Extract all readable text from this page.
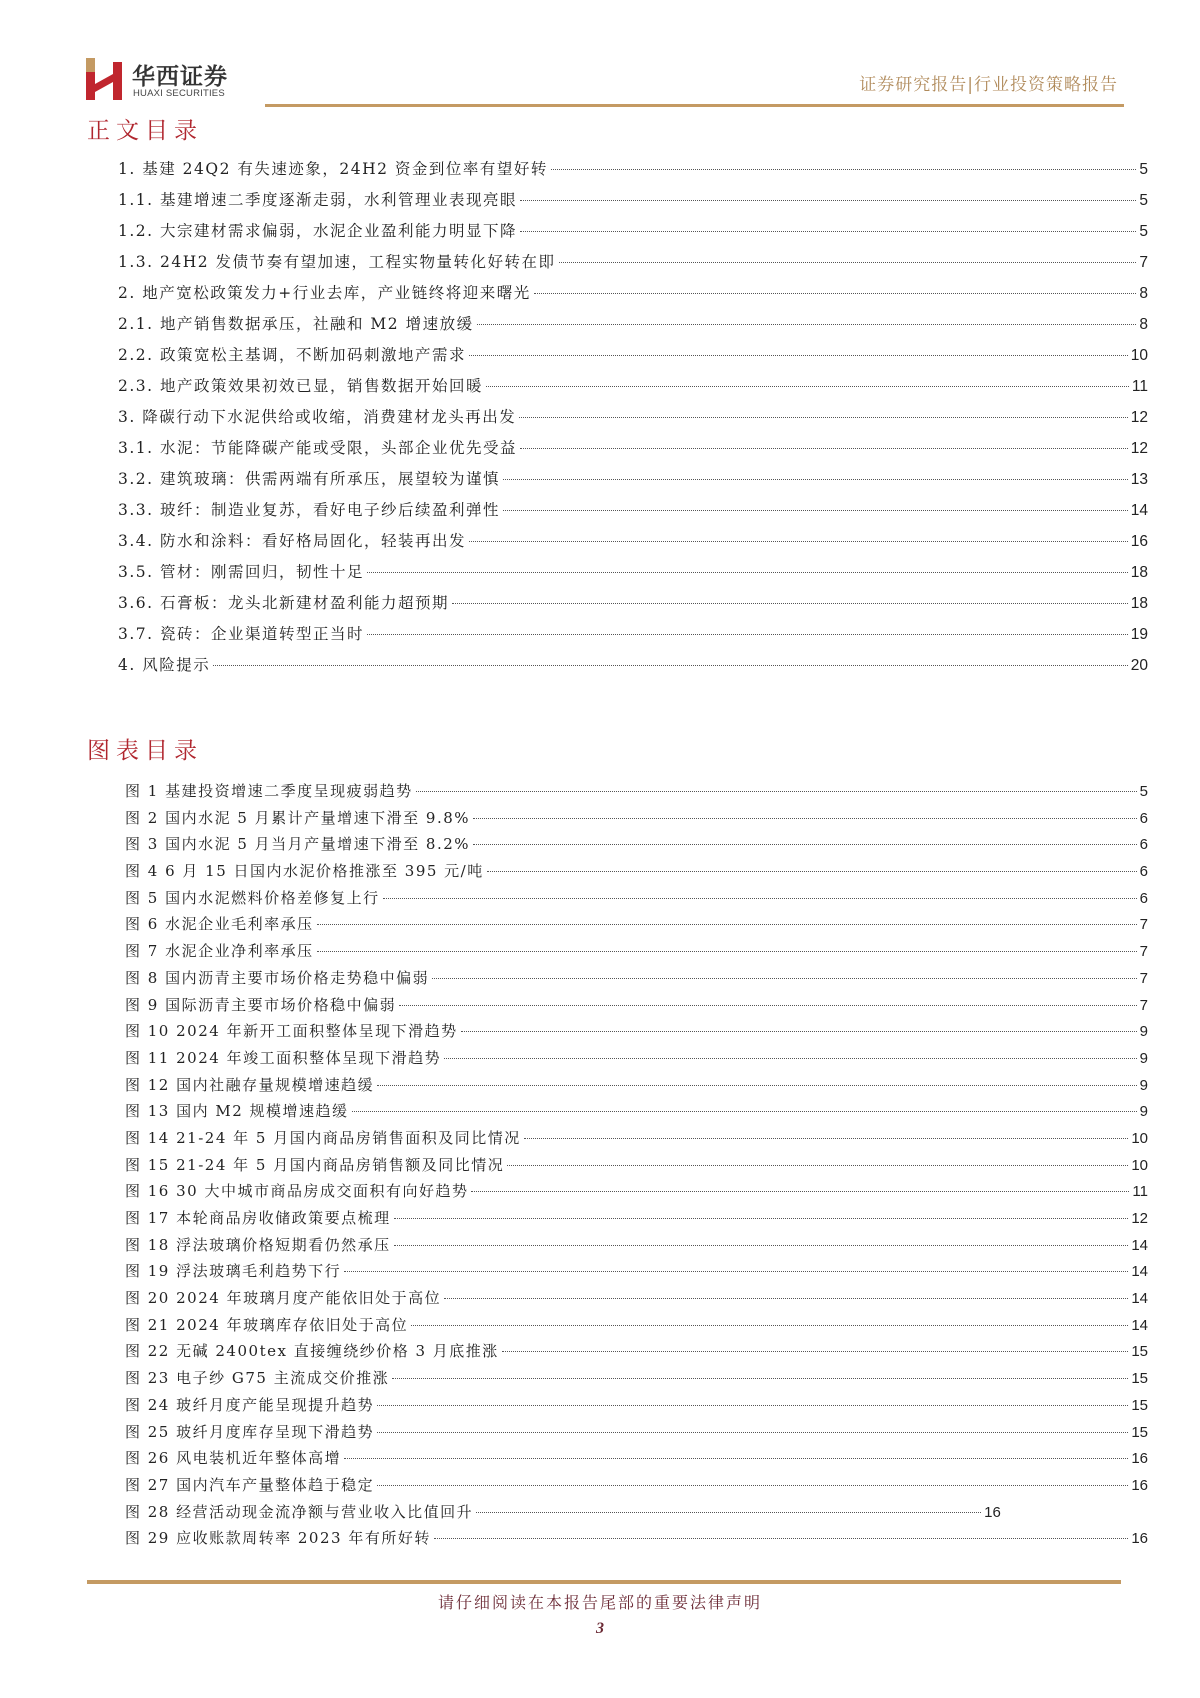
华西证券
HUAXI SECURITIES	证券研究报告|行业投资策略报告
正文目录
1. 基建 24Q2 有失速迹象，24H2 资金到位率有望好转	5
1.1. 基建增速二季度逐渐走弱，水利管理业表现亮眼	5
1.2. 大宗建材需求偏弱，水泥企业盈利能力明显下降	5
1.3. 24H2 发债节奏有望加速，工程实物量转化好转在即	7
2. 地产宽松政策发力+行业去库，产业链终将迎来曙光	8
2.1. 地产销售数据承压，社融和 M2 增速放缓	8
2.2. 政策宽松主基调，不断加码刺激地产需求	10
2.3. 地产政策效果初效已显，销售数据开始回暖	11
3. 降碳行动下水泥供给或收缩，消费建材龙头再出发	12
3.1. 水泥：节能降碳产能或受限，头部企业优先受益	12
3.2. 建筑玻璃：供需两端有所承压，展望较为谨慎	13
3.3. 玻纤：制造业复苏，看好电子纱后续盈利弹性	14
3.4. 防水和涂料：看好格局固化，轻装再出发	16
3.5. 管材：刚需回归，韧性十足	18
3.6. 石膏板：龙头北新建材盈利能力超预期	18
3.7. 瓷砖：企业渠道转型正当时	19
4. 风险提示	20
图表目录
图 1 基建投资增速二季度呈现疲弱趋势	5
图 2 国内水泥 5 月累计产量增速下滑至 9.8%	6
图 3 国内水泥 5 月当月产量增速下滑至 8.2%	6
图 4 6 月 15 日国内水泥价格推涨至 395 元/吨	6
图 5 国内水泥燃料价格差修复上行	6
图 6 水泥企业毛利率承压	7
图 7 水泥企业净利率承压	7
图 8 国内沥青主要市场价格走势稳中偏弱	7
图 9 国际沥青主要市场价格稳中偏弱	7
图 10 2024 年新开工面积整体呈现下滑趋势	9
图 11 2024 年竣工面积整体呈现下滑趋势	9
图 12 国内社融存量规模增速趋缓	9
图 13 国内 M2 规模增速趋缓	9
图 14 21-24 年 5 月国内商品房销售面积及同比情况	10
图 15 21-24 年 5 月国内商品房销售额及同比情况	10
图 16 30 大中城市商品房成交面积有向好趋势	11
图 17 本轮商品房收储政策要点梳理	12
图 18 浮法玻璃价格短期看仍然承压	14
图 19 浮法玻璃毛利趋势下行	14
图 20 2024 年玻璃月度产能依旧处于高位	14
图 21 2024 年玻璃库存依旧处于高位	14
图 22 无碱 2400tex 直接缠绕纱价格 3 月底推涨	15
图 23 电子纱 G75 主流成交价推涨	15
图 24 玻纤月度产能呈现提升趋势	15
图 25 玻纤月度库存呈现下滑趋势	15
图 26 风电装机近年整体高增	16
图 27 国内汽车产量整体趋于稳定	16
图 28 经营活动现金流净额与营业收入比值回升	16
图 29 应收账款周转率 2023 年有所好转	16
请仔细阅读在本报告尾部的重要法律声明
3
